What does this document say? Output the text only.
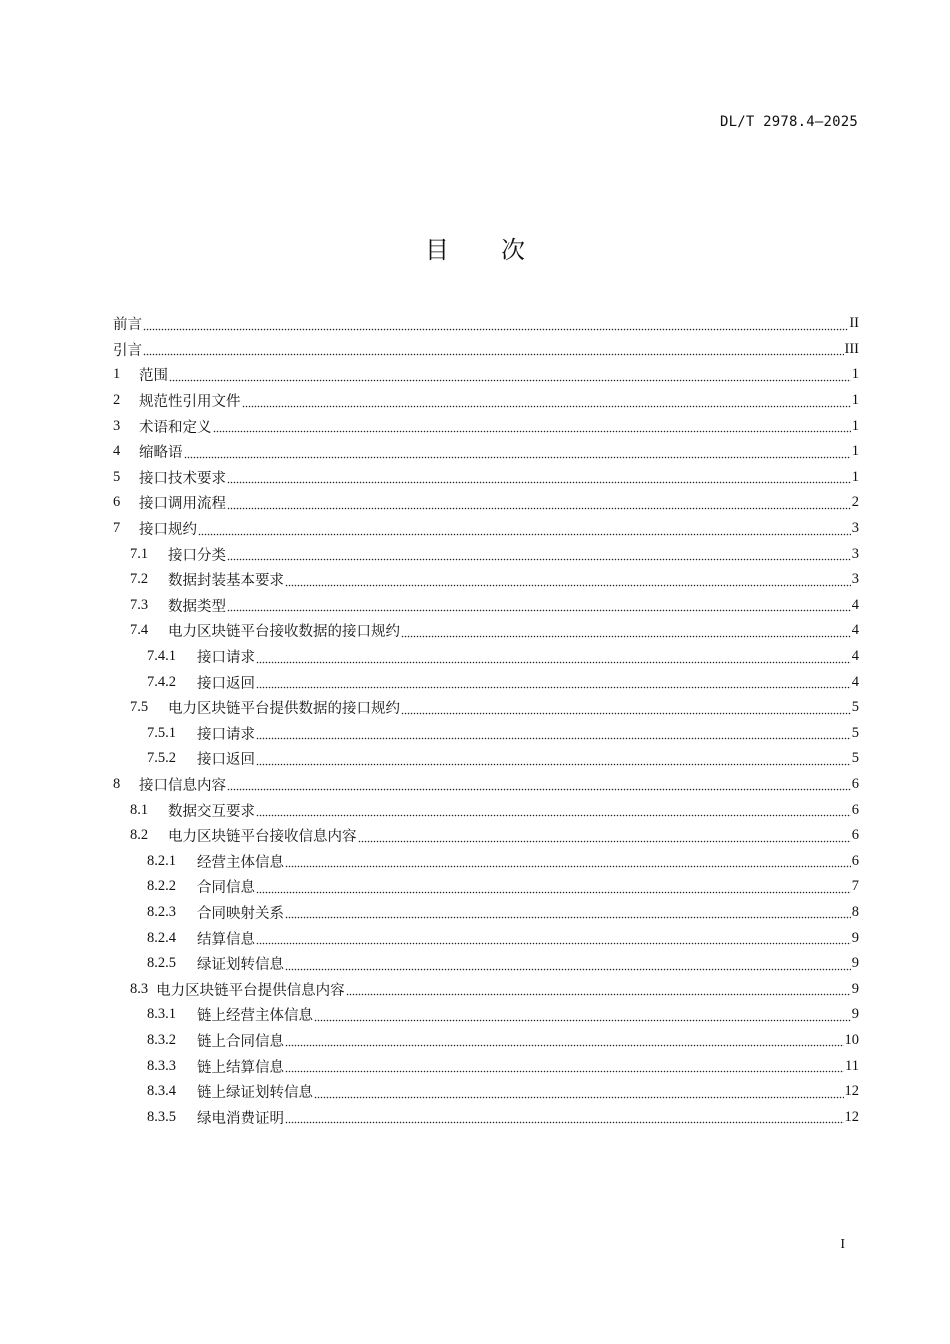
DL/T 2978.4—2025
目 次
前言	II
引言	III
1	范围	1
2	规范性引用文件	1
3	术语和定义	1
4	缩略语	1
5	接口技术要求	1
6	接口调用流程	2
7	接口规约	3
7.1	接口分类	3
7.2	数据封装基本要求	3
7.3	数据类型	4
7.4	电力区块链平台接收数据的接口规约	4
7.4.1	接口请求	4
7.4.2	接口返回	4
7.5	电力区块链平台提供数据的接口规约	5
7.5.1	接口请求	5
7.5.2	接口返回	5
8	接口信息内容	6
8.1	数据交互要求	6
8.2	电力区块链平台接收信息内容	6
8.2.1	经营主体信息	6
8.2.2	合同信息	7
8.2.3	合同映射关系	8
8.2.4	结算信息	9
8.2.5	绿证划转信息	9
8.3 电力区块链平台提供信息内容	9
8.3.1	链上经营主体信息	9
8.3.2	链上合同信息	10
8.3.3	链上结算信息	11
8.3.4	链上绿证划转信息	12
8.3.5	绿电消费证明	12
I
